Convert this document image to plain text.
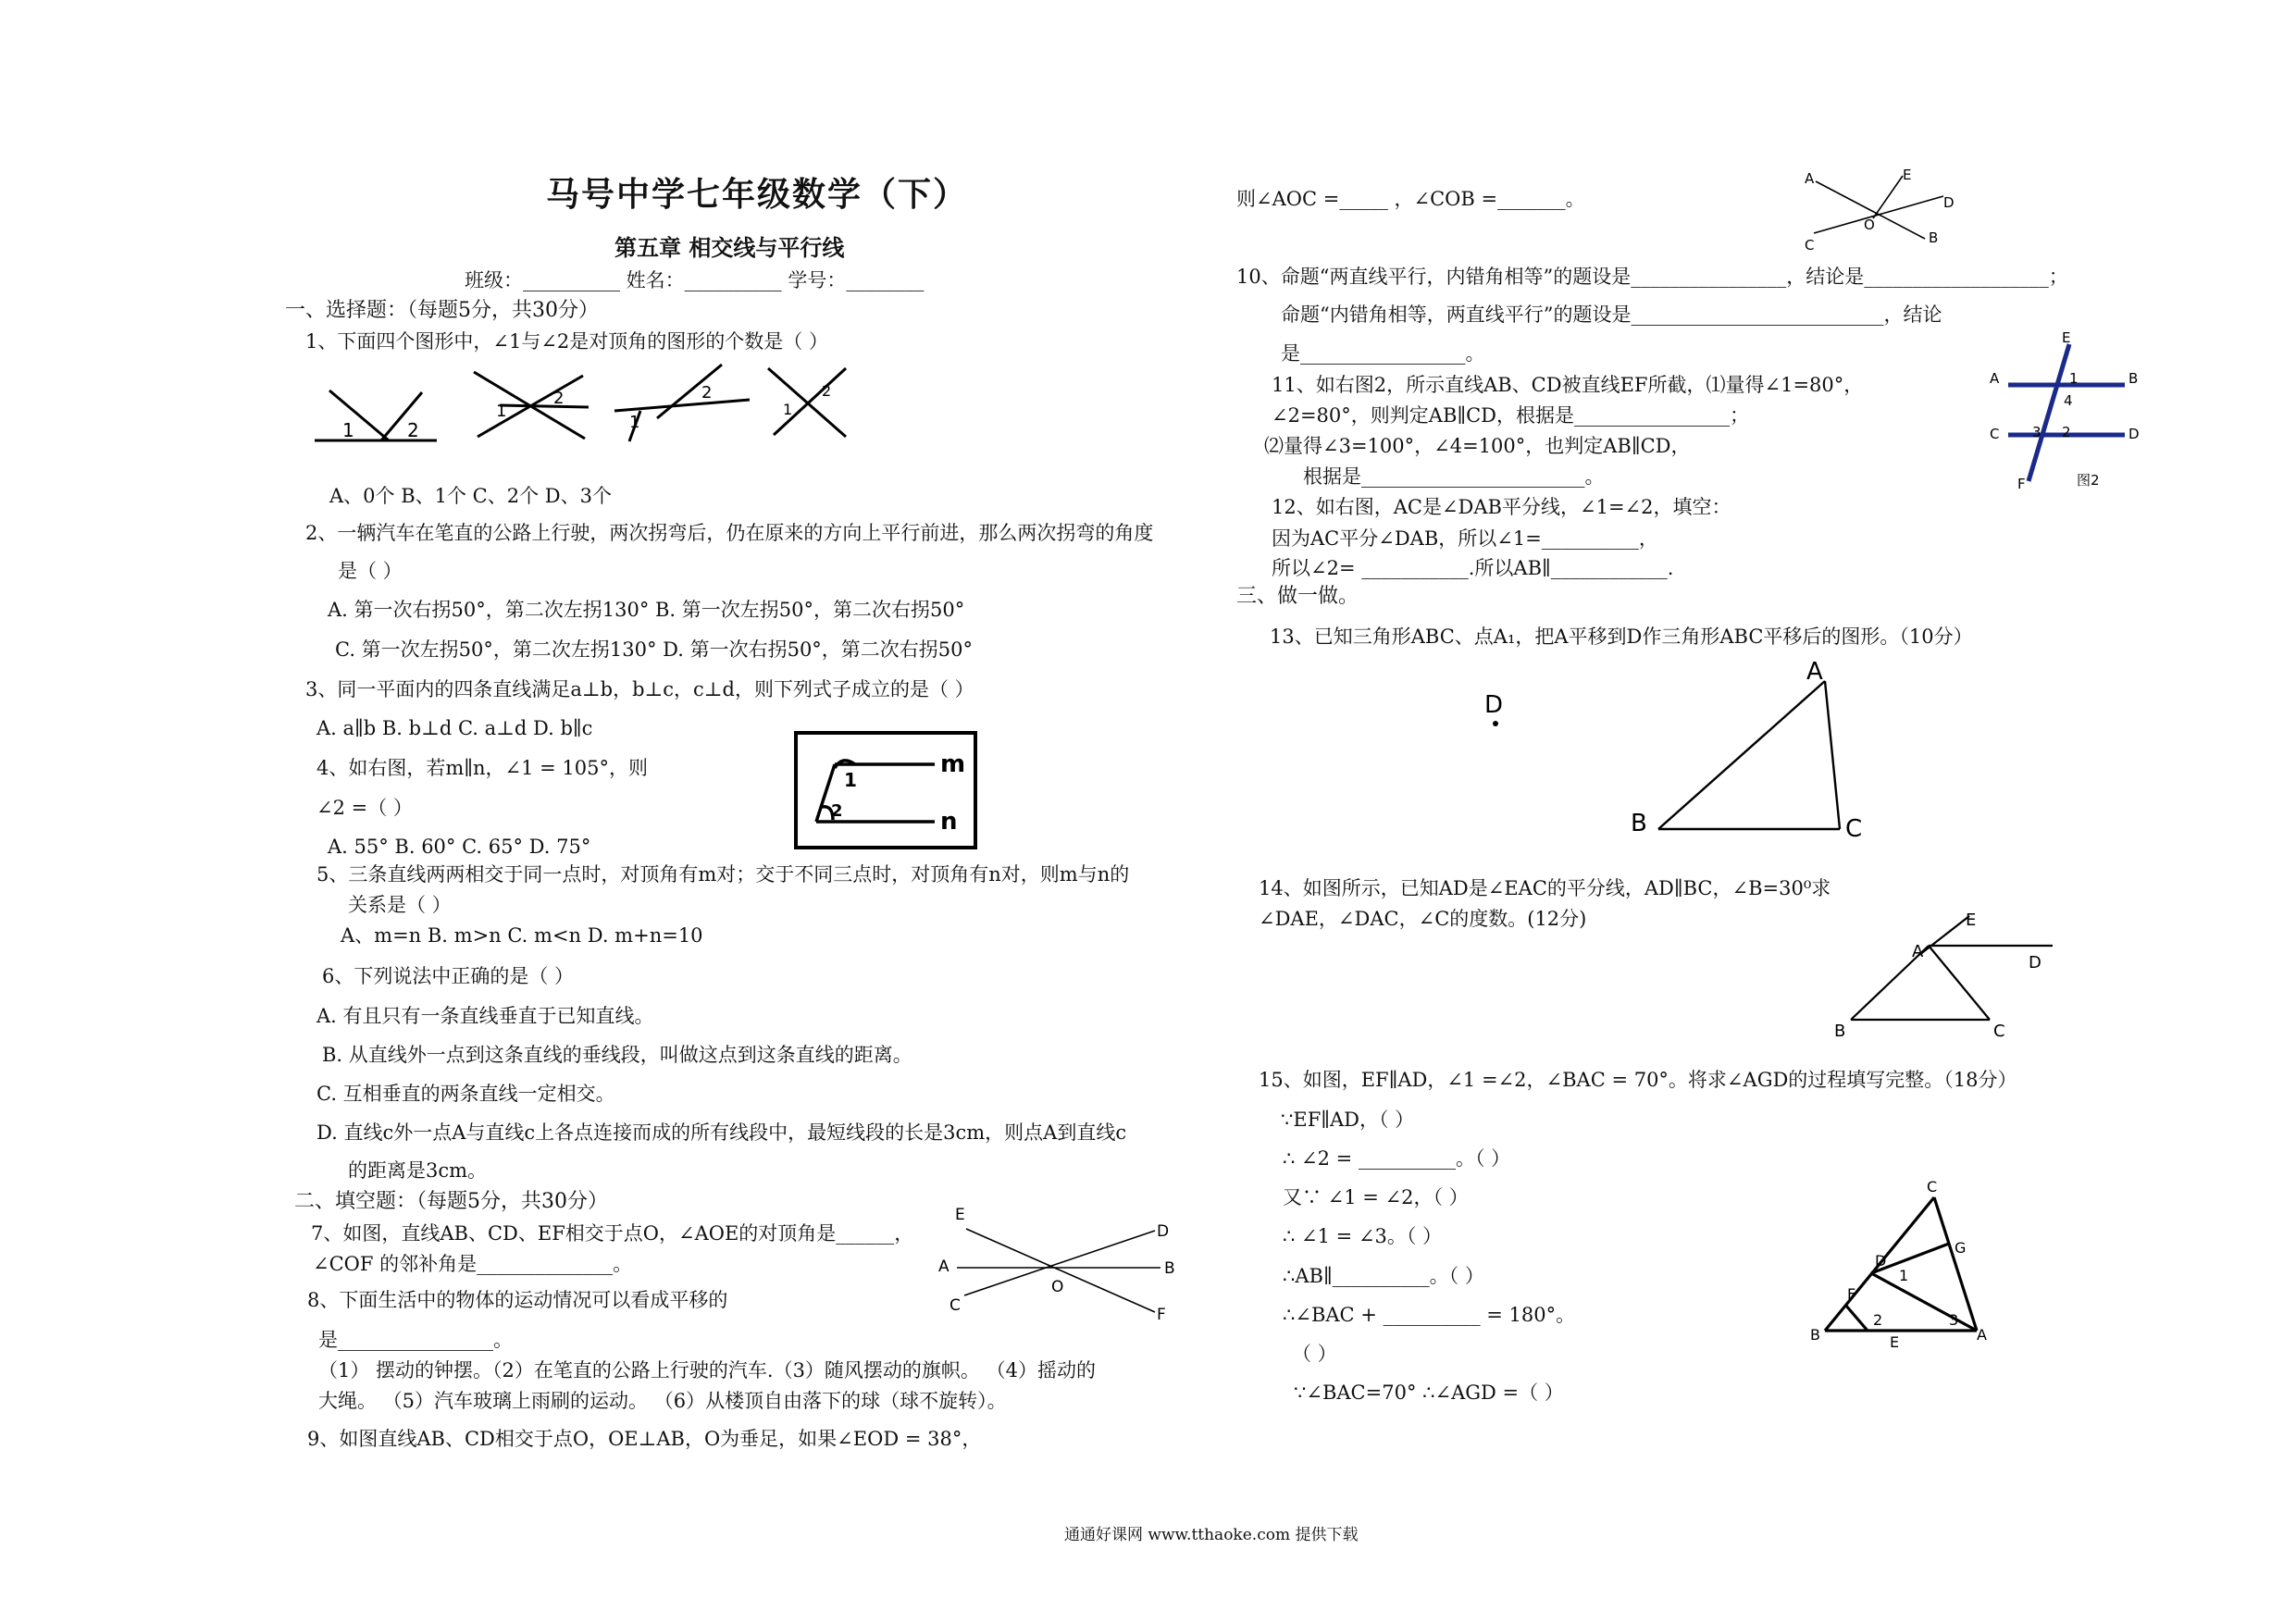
马号中学七年级数学（下）
第五章 相交线与平行线
班级：__________ 姓名：__________ 学号：________
一、选择题：（每题5分，共30分）
1、下面四个图形中，∠1与∠2是对顶角的图形的个数是（ ）
1	2
1
2
1
2
1
2
A、0个 B、1个 C、2个 D、3个
2、一辆汽车在笔直的公路上行驶，两次拐弯后，仍在原来的方向上平行前进，那么两次拐弯的角度
是（ ）
A. 第一次右拐50°，第二次左拐130° B. 第一次左拐50°，第二次右拐50°
C. 第一次左拐50°，第二次左拐130° D. 第一次右拐50°，第二次右拐50°
3、同一平面内的四条直线满足a⊥b，b⊥c，c⊥d，则下列式子成立的是（ ）
A. a∥b B. b⊥d C. a⊥d D. b∥c
4、如右图，若m∥n，∠1 = 105°，则
∠2 =（ ）
A. 55° B. 60° C. 65° D. 75°
1
2
m
n
5、三条直线两两相交于同一点时，对顶角有m对；交于不同三点时，对顶角有n对，则m与n的
关系是（ ）
A、m=n B. m>n C. m<n D. m+n=10
6、下列说法中正确的是（ ）
A. 有且只有一条直线垂直于已知直线。
B. 从直线外一点到这条直线的垂线段，叫做这点到这条直线的距离。
C. 互相垂直的两条直线一定相交。
D. 直线c外一点A与直线c上各点连接而成的所有线段中，最短线段的长是3cm，则点A到直线c
的距离是3cm。
二、填空题：（每题5分，共30分）
7、如图，直线AB、CD、EF相交于点O，∠AOE的对顶角是______，
∠COF 的邻补角是______________。
E
D
A	B
C	F
O
8、下面生活中的物体的运动情况可以看成平移的
是________________。
（1） 摆动的钟摆。（2）在笔直的公路上行驶的汽车.（3）随风摆动的旗帜。 （4）摇动的
大绳。 （5）汽车玻璃上雨刷的运动。 （6）从楼顶自由落下的球（球不旋转）。
9、如图直线AB、CD相交于点O，OE⊥AB，O为垂足，如果∠EOD = 38°，
则∠AOC =_____ ，∠COB =_______。
A	E
D
C
O
B
10、命题“两直线平行，内错角相等”的题设是________________，结论是___________________；
命题“内错角相等，两直线平行”的题设是__________________________，结论
是_________________。
11、如右图2，所示直线AB、CD被直线EF所截，⑴量得∠1=80°，
∠2=80°，则判定AB∥CD，根据是________________；
⑵量得∠3=100°，∠4=100°，也判定AB∥CD，
根据是_______________________。
E
A	1	B
4
C 3 2	D
F	图2
12、如右图，AC是∠DAB平分线，∠1=∠2，填空：
因为AC平分∠DAB，所以∠1=__________，
所以∠2= ___________.所以AB∥____________.
三、做一做。
13、已知三角形ABC、点A₁，把A平移到D作三角形ABC平移后的图形。（10分）
D
A
B	C
14、如图所示，已知AD是∠EAC的平分线，AD∥BC，∠B=30⁰求
∠DAE，∠DAC，∠C的度数。(12分)
A
E
D
B	C
15、如图，EF∥AD，∠1 =∠2，∠BAC = 70°。将求∠AGD的过程填写完整。（18分）
∵EF∥AD，（ ）
∴ ∠2 = __________。（ ）
又∵ ∠1 = ∠2，（ ）
∴ ∠1 = ∠3。（ ）
∴AB∥__________。（ ）
∴∠BAC + __________ = 180°。
（ ）
∵∠BAC=70° ∴∠AGD =（ ）
C
D
G
1
F
2	3
B	E	A
通通好课网 www.tthaoke.com 提供下载
